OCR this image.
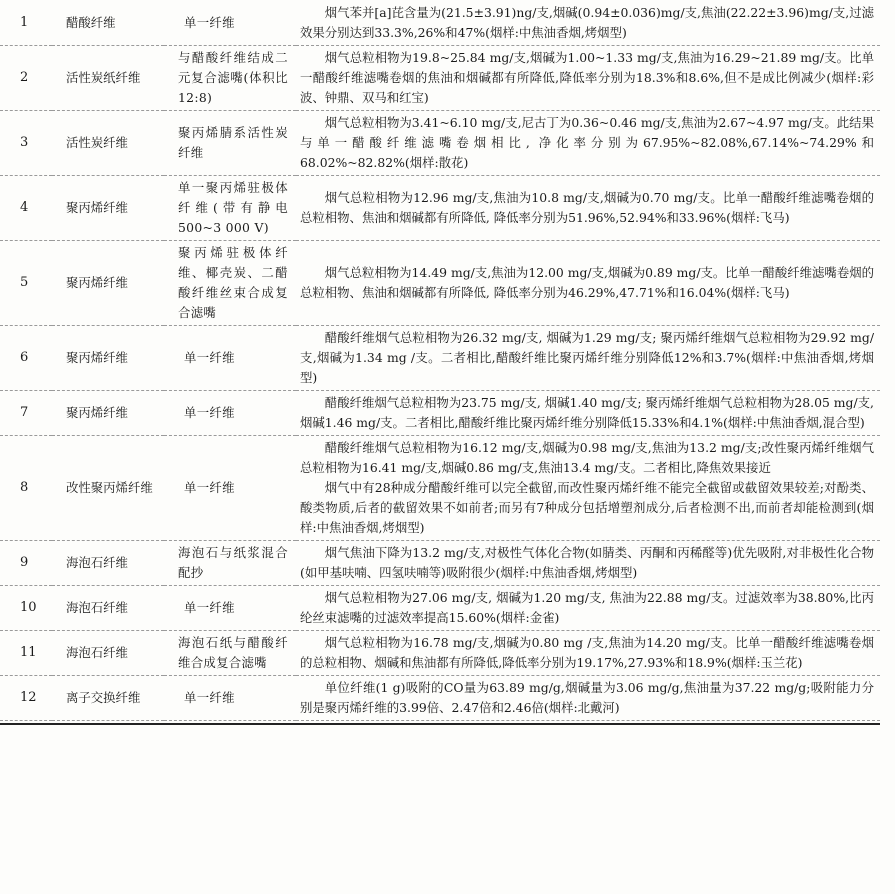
1	醋酸纤维	单一纤维	烟气苯并[a]芘含量为(21.5±3.91)ng/支,烟碱(0.94±0.036)mg/支,焦油(22.22±3.96)mg/支,过滤效果分别达到33.3%,26%和47%(烟样:中焦油香烟,烤烟型)

2	活性炭纸纤维	与醋酸纤维结成二元复合滤嘴(体积比12:8)	烟气总粒相物为19.8~25.84 mg/支,烟碱为1.00~1.33 mg/支,焦油为16.29~21.89 mg/支。比单一醋酸纤维滤嘴卷烟的焦油和烟碱都有所降低,降低率分别为18.3%和8.6%,但不是成比例减少(烟样:彩波、钟鼎、双马和红宝)

3	活性炭纤维	聚丙烯腈系活性炭纤维	烟气总粒相物为3.41~6.10 mg/支,尼古丁为0.36~0.46 mg/支,焦油为2.67~4.97 mg/支。此结果与单一醋酸纤维滤嘴卷烟相比, 净化率分别为67.95%~82.08%,67.14%~74.29%和68.02%~82.82%(烟样:散花)

4	聚丙烯纤维	单一聚丙烯驻极体纤维(带有静电500~3 000 V)	烟气总粒相物为12.96 mg/支,焦油为10.8 mg/支,烟碱为0.70 mg/支。比单一醋酸纤维滤嘴卷烟的总粒相物、焦油和烟碱都有所降低, 降低率分别为51.96%,52.94%和33.96%(烟样:飞马)

5	聚丙烯纤维	聚丙烯驻极体纤维、椰壳炭、二醋酸纤维丝束合成复合滤嘴	烟气总粒相物为14.49 mg/支,焦油为12.00 mg/支,烟碱为0.89 mg/支。比单一醋酸纤维滤嘴卷烟的总粒相物、焦油和烟碱都有所降低, 降低率分别为46.29%,47.71%和16.04%(烟样:飞马)

6	聚丙烯纤维	单一纤维	醋酸纤维烟气总粒相物为26.32 mg/支, 烟碱为1.29 mg/支; 聚丙烯纤维烟气总粒相物为29.92 mg/支,烟碱为1.34 mg /支。二者相比,醋酸纤维比聚丙烯纤维分别降低12%和3.7%(烟样:中焦油香烟,烤烟型)

7	聚丙烯纤维	单一纤维	醋酸纤维烟气总粒相物为23.75 mg/支, 烟碱1.40 mg/支; 聚丙烯纤维烟气总粒相物为28.05 mg/支,烟碱1.46 mg/支。二者相比,醋酸纤维比聚丙烯纤维分别降低15.33%和4.1%(烟样:中焦油香烟,混合型)

8	改性聚丙烯纤维	单一纤维	醋酸纤维烟气总粒相物为16.12 mg/支,烟碱为0.98 mg/支,焦油为13.2 mg/支;改性聚丙烯纤维烟气总粒相物为16.41 mg/支,烟碱0.86 mg/支,焦油13.4 mg/支。二者相比,降焦效果接近

烟气中有28种成分醋酸纤维可以完全截留,而改性聚丙烯纤维不能完全截留或截留效果较差;对酚类、酸类物质,后者的截留效果不如前者;而另有7种成分包括增塑剂成分,后者检测不出,而前者却能检测到(烟样:中焦油香烟,烤烟型)

9	海泡石纤维	海泡石与纸浆混合配抄	烟气焦油下降为13.2 mg/支,对极性气体化合物(如腈类、丙酮和丙稀醛等)优先吸附,对非极性化合物(如甲基呋喃、四氢呋喃等)吸附很少(烟样:中焦油香烟,烤烟型)

10	海泡石纤维	单一纤维	烟气总粒相物为27.06 mg/支, 烟碱为1.20 mg/支, 焦油为22.88 mg/支。过滤效率为38.80%,比丙纶丝束滤嘴的过滤效率提高15.60%(烟样:金雀)

11	海泡石纤维	海泡石纸与醋酸纤维合成复合滤嘴	烟气总粒相物为16.78 mg/支,烟碱为0.80 mg /支,焦油为14.20 mg/支。比单一醋酸纤维滤嘴卷烟的总粒相物、烟碱和焦油都有所降低,降低率分别为19.17%,27.93%和18.9%(烟样:玉兰花)

12	离子交换纤维	单一纤维	单位纤维(1 g)吸附的CO量为63.89 mg/g,烟碱量为3.06 mg/g,焦油量为37.22 mg/g;吸附能力分别是聚丙烯纤维的3.99倍、2.47倍和2.46倍(烟样:北戴河)
